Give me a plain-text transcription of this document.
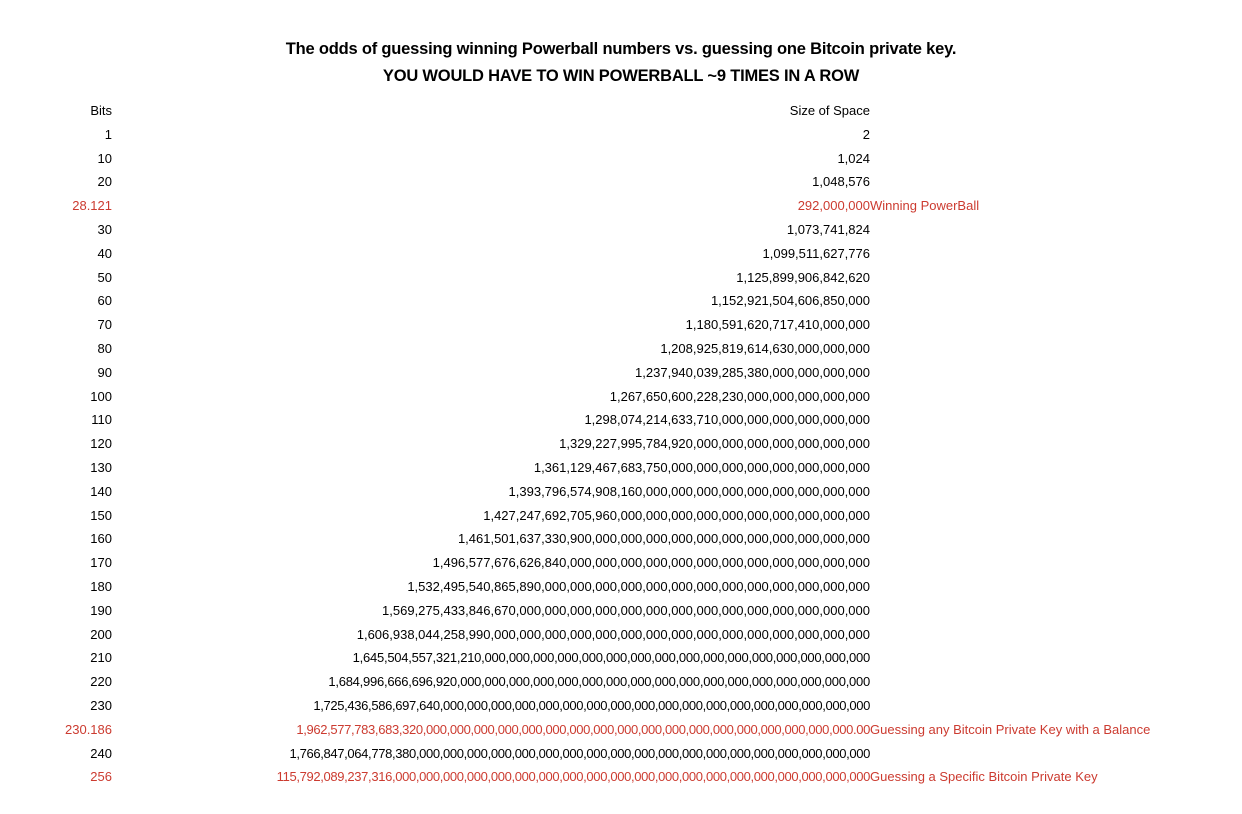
The odds of guessing winning Powerball numbers vs. guessing one Bitcoin private key.
YOU WOULD HAVE TO WIN POWERBALL ~9 TIMES IN A ROW
Bits	Size of Space	
1	2	
10	1,024	
20	1,048,576	
28.121	292,000,000	Winning PowerBall
30	1,073,741,824	
40	1,099,511,627,776	
50	1,125,899,906,842,620	
60	1,152,921,504,606,850,000	
70	1,180,591,620,717,410,000,000	
80	1,208,925,819,614,630,000,000,000	
90	1,237,940,039,285,380,000,000,000,000	
100	1,267,650,600,228,230,000,000,000,000,000	
110	1,298,074,214,633,710,000,000,000,000,000,000	
120	1,329,227,995,784,920,000,000,000,000,000,000,000	
130	1,361,129,467,683,750,000,000,000,000,000,000,000,000	
140	1,393,796,574,908,160,000,000,000,000,000,000,000,000,000	
150	1,427,247,692,705,960,000,000,000,000,000,000,000,000,000,000	
160	1,461,501,637,330,900,000,000,000,000,000,000,000,000,000,000,000	
170	1,496,577,676,626,840,000,000,000,000,000,000,000,000,000,000,000,000	
180	1,532,495,540,865,890,000,000,000,000,000,000,000,000,000,000,000,000,000	
190	1,569,275,433,846,670,000,000,000,000,000,000,000,000,000,000,000,000,000,000	
200	1,606,938,044,258,990,000,000,000,000,000,000,000,000,000,000,000,000,000,000,000	
210	1,645,504,557,321,210,000,000,000,000,000,000,000,000,000,000,000,000,000,000,000,000	
220	1,684,996,666,696,920,000,000,000,000,000,000,000,000,000,000,000,000,000,000,000,000,000	
230	1,725,436,586,697,640,000,000,000,000,000,000,000,000,000,000,000,000,000,000,000,000,000,000	
230.186	1,962,577,783,683,320,000,000,000,000,000,000,000,000,000,000,000,000,000,000,000,000,000,000.00	Guessing any Bitcoin Private Key with a Balance
240	1,766,847,064,778,380,000,000,000,000,000,000,000,000,000,000,000,000,000,000,000,000,000,000,000	
256	115,792,089,237,316,000,000,000,000,000,000,000,000,000,000,000,000,000,000,000,000,000,000,000,000	Guessing a Specific Bitcoin Private Key
